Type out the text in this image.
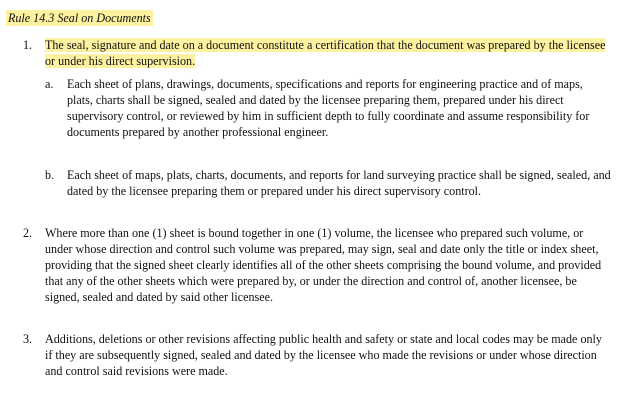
Rule 14.3 Seal on Documents
1.	The seal, signature and date on a document constitute a certification that the document was prepared by the licensee or under his direct supervision.
a.	Each sheet of plans, drawings, documents, specifications and reports for engineering practice and of maps, plats, charts shall be signed, sealed and dated by the licensee preparing them, prepared under his direct supervisory control, or reviewed by him in sufficient depth to fully coordinate and assume responsibility for documents prepared by another professional engineer.
b.	Each sheet of maps, plats, charts, documents, and reports for land surveying practice shall be signed, sealed, and dated by the licensee preparing them or prepared under his direct supervisory control.
2.	Where more than one (1) sheet is bound together in one (1) volume, the licensee who prepared such volume, or under whose direction and control such volume was prepared, may sign, seal and date only the title or index sheet, providing that the signed sheet clearly identifies all of the other sheets comprising the bound volume, and provided that any of the other sheets which were prepared by, or under the direction and control of, another licensee, be signed, sealed and dated by said other licensee.
3.	Additions, deletions or other revisions affecting public health and safety or state and local codes may be made only if they are subsequently signed, sealed and dated by the licensee who made the revisions or under whose direction and control said revisions were made.
